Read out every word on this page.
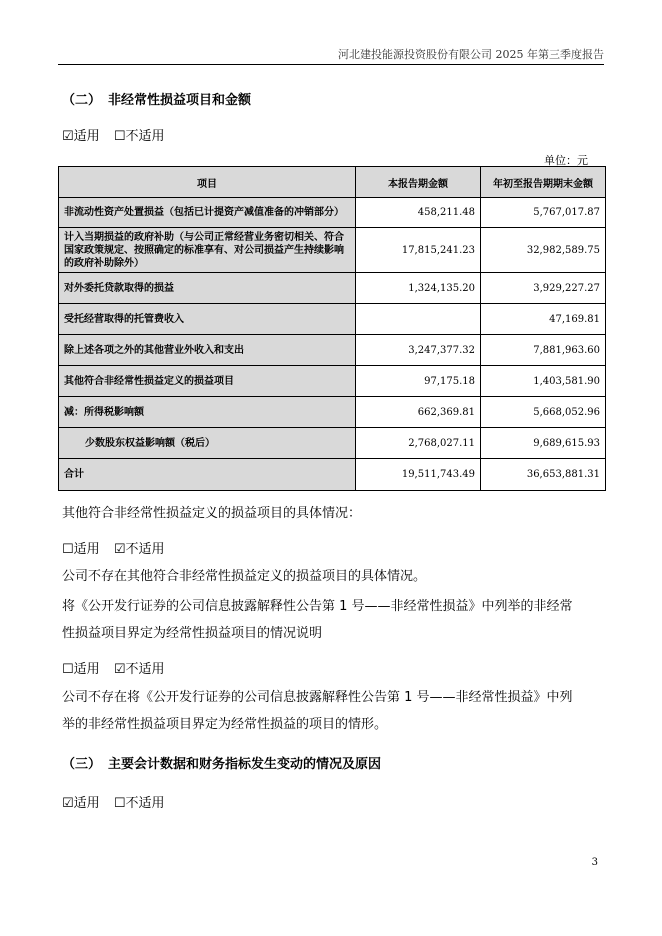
河北建投能源投资股份有限公司 2025 年第三季度报告
（二） 非经常性损益项目和金额
☑适用 ☐不适用
单位：元
项目	本报告期金额	年初至报告期期末金额
非流动性资产处置损益（包括已计提资产减值准备的冲销部分）	458,211.48	5,767,017.87
计入当期损益的政府补助（与公司正常经营业务密切相关、符合国家政策规定、按照确定的标准享有、对公司损益产生持续影响的政府补助除外）	17,815,241.23	32,982,589.75
对外委托贷款取得的损益	1,324,135.20	3,929,227.27
受托经营取得的托管费收入		47,169.81
除上述各项之外的其他营业外收入和支出	3,247,377.32	7,881,963.60
其他符合非经常性损益定义的损益项目	97,175.18	1,403,581.90
减：所得税影响额	662,369.81	5,668,052.96
少数股东权益影响额（税后）	2,768,027.11	9,689,615.93
合计	19,511,743.49	36,653,881.31
其他符合非经常性损益定义的损益项目的具体情况：
☐适用 ☑不适用
公司不存在其他符合非经常性损益定义的损益项目的具体情况。
将《公开发行证券的公司信息披露解释性公告第 1 号——非经常性损益》中列举的非经常
性损益项目界定为经常性损益项目的情况说明
☐适用 ☑不适用
公司不存在将《公开发行证券的公司信息披露解释性公告第 1 号——非经常性损益》中列
举的非经常性损益项目界定为经常性损益的项目的情形。
（三） 主要会计数据和财务指标发生变动的情况及原因
☑适用 ☐不适用
3
